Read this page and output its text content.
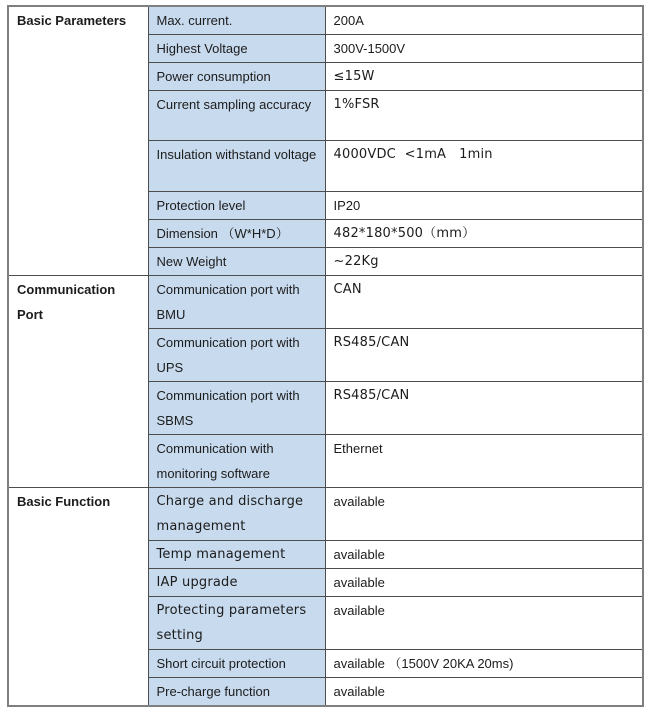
Basic Parameters	Max. current.	200A
	Highest Voltage	300V-1500V
	Power consumption	≤15W
	Current sampling accuracy	1%FSR
	Insulation withstand voltage	4000VDC  <1mA   1min
	Protection level	IP20
	Dimension （W*H*D）	482*180*500（mm）
	New Weight	~22Kg
Communication Port	Communication port with BMU	CAN
	Communication port with UPS	RS485/CAN
	Communication port with SBMS	RS485/CAN
	Communication with monitoring software	Ethernet
Basic Function	Charge and discharge management	available
	Temp management	available
	IAP upgrade	available
	Protecting parameters setting	available
	Short circuit protection	available （1500V 20KA 20ms)
	Pre-charge function	available
